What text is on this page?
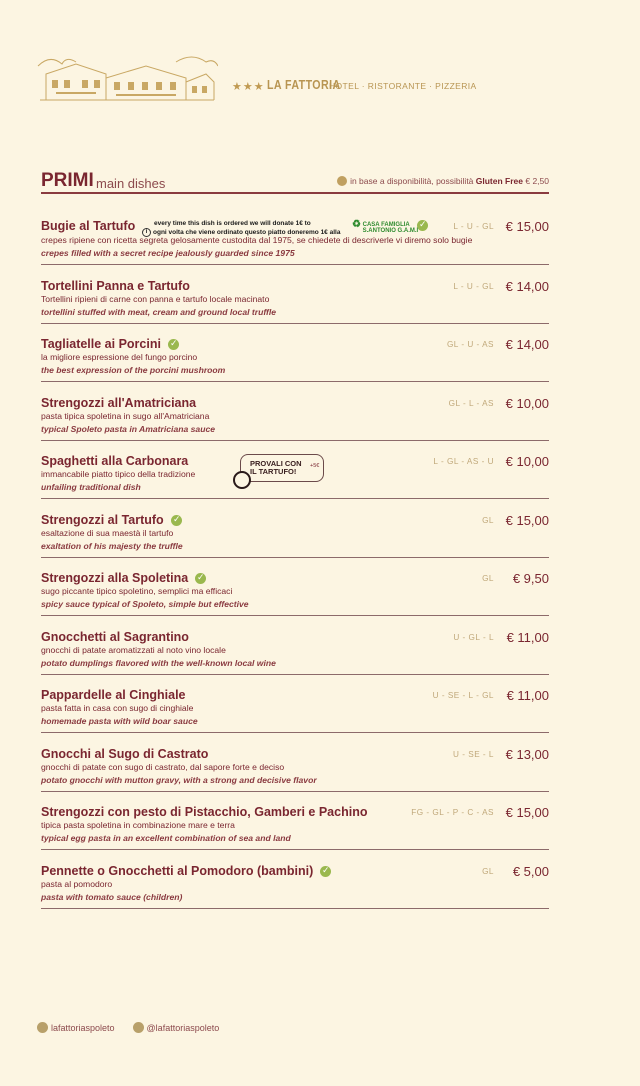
★★★ LA FATTORIA
HOTEL · RISTORANTE · PIZZERIA
PRIMI main dishes	in base a disponibilità, possibilità Gluten Free € 2,50
Bugie al Tartufo
✓
crepes ripiene con ricetta segreta gelosamente custodita dal 1975, se chiedete di descriverle vi diremo solo bugie
crepes filled with a secret recipe jealously guarded since 1975
L - U - GL € 15,00
every time this dish is ordered we will donate 1€ to
i ogni volta che viene ordinato questo piatto doneremo 1€ alla
♻ CASA FAMIGLIA
S.ANTONIO G.A.M.I
Tortellini Panna e Tartufo
Tortellini ripieni di carne con panna e tartufo locale macinato
tortellini stuffed with meat, cream and ground local truffle
L - U - GL € 14,00
Tagliatelle ai Porcini
✓
la migliore espressione del fungo porcino
the best expression of the porcini mushroom
GL - U - AS € 14,00
Strengozzi all'Amatriciana
pasta tipica spoletina in sugo all'Amatriciana
typical Spoleto pasta in Amatriciana sauce
GL - L - AS € 10,00
Spaghetti alla Carbonara
immancabile piatto tipico della tradizione
unfailing traditional dish
L - GL - AS - U € 10,00
PROVALI CON
IL TARTUFO!
+5€
Strengozzi al Tartufo
✓
esaltazione di sua maestà il tartufo
exaltation of his majesty the truffle
GL € 15,00
Strengozzi alla Spoletina
✓
sugo piccante tipico spoletino, semplici ma efficaci
spicy sauce typical of Spoleto, simple but effective
GL € 9,50
Gnocchetti al Sagrantino
gnocchi di patate aromatizzati al noto vino locale
potato dumplings flavored with the well-known local wine
U - GL - L € 11,00
Pappardelle al Cinghiale
pasta fatta in casa con sugo di cinghiale
homemade pasta with wild boar sauce
U - SE - L - GL € 11,00
Gnocchi al Sugo di Castrato
gnocchi di patate con sugo di castrato, dal sapore forte e deciso
potato gnocchi with mutton gravy, with a strong and decisive flavor
U - SE - L € 13,00
Strengozzi con pesto di Pistacchio, Gamberi e Pachino
tipica pasta spoletina in combinazione mare e terra
typical egg pasta in an excellent combination of sea and land
FG - GL - P - C - AS € 15,00
Pennette o Gnocchetti al Pomodoro (bambini)
✓
pasta al pomodoro
pasta with tomato sauce (children)
GL € 5,00
lafattoriaspoleto	@lafattoriaspoleto
